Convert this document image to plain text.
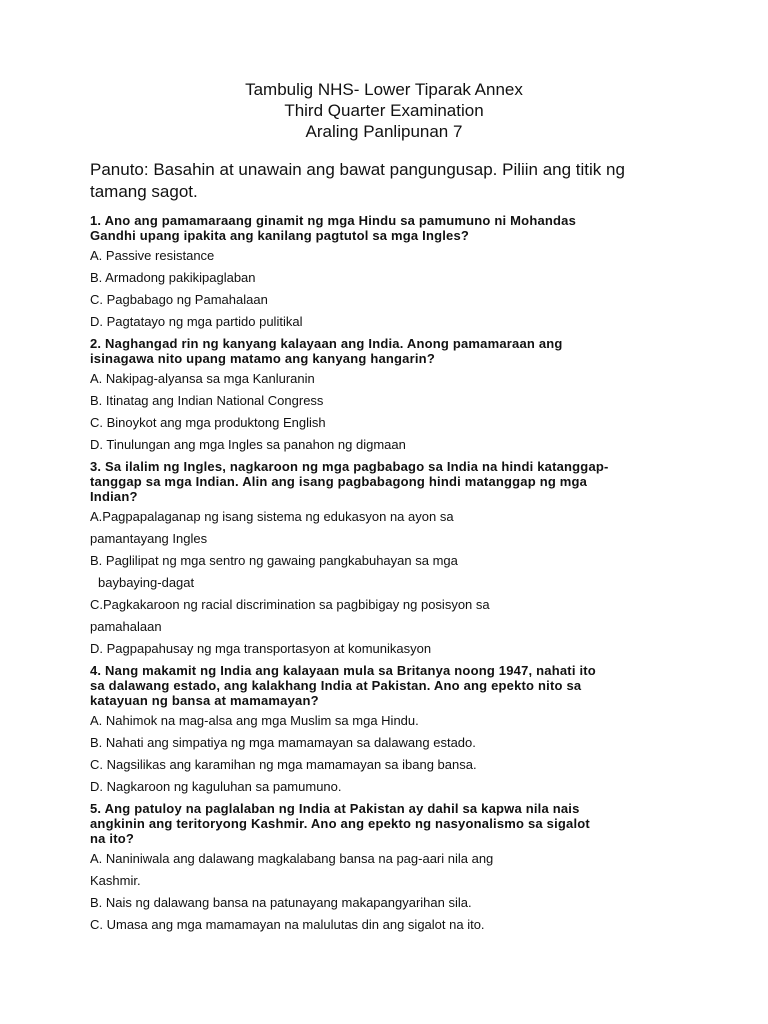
Tambulig NHS- Lower Tiparak Annex
Third Quarter Examination
Araling Panlipunan 7
Panuto: Basahin at unawain ang bawat pangungusap. Piliin ang titik ng tamang sagot.
1. Ano ang pamamaraang ginamit ng mga Hindu sa pamumuno ni Mohandas
Gandhi upang ipakita ang kanilang pagtutol sa mga Ingles?
A. Passive resistance
B. Armadong pakikipaglaban
C. Pagbabago ng Pamahalaan
D. Pagtatayo ng mga partido pulitikal
2. Naghangad rin ng kanyang kalayaan ang India. Anong pamamaraan ang
isinagawa nito upang matamo ang kanyang hangarin?
A. Nakipag-alyansa sa mga Kanluranin
B. Itinatag ang Indian National Congress
C. Binoykot ang mga produktong English
D. Tinulungan ang mga Ingles sa panahon ng digmaan
3. Sa ilalim ng Ingles, nagkaroon ng mga pagbabago sa India na hindi katanggap-
tanggap sa mga Indian. Alin ang isang pagbabagong hindi matanggap ng mga
Indian?
A.Pagpapalaganap ng isang sistema ng edukasyon na ayon sa
pamantayang Ingles
B. Paglilipat ng mga sentro ng gawaing pangkabuhayan sa mga
baybaying-dagat
C.Pagkakaroon ng racial discrimination sa pagbibigay ng posisyon sa
pamahalaan
D. Pagpapahusay ng mga transportasyon at komunikasyon
4. Nang makamit ng India ang kalayaan mula sa Britanya noong 1947, nahati ito
sa dalawang estado, ang kalakhang India at Pakistan. Ano ang epekto nito sa
katayuan ng bansa at mamamayan?
A. Nahimok na mag-alsa ang mga Muslim sa mga Hindu.
B. Nahati ang simpatiya ng mga mamamayan sa dalawang estado.
C. Nagsilikas ang karamihan ng mga mamamayan sa ibang bansa.
D. Nagkaroon ng kaguluhan sa pamumuno.
5. Ang patuloy na paglalaban ng India at Pakistan ay dahil sa kapwa nila nais
angkinin ang teritoryong Kashmir. Ano ang epekto ng nasyonalismo sa sigalot
na ito?
A. Naniniwala ang dalawang magkalabang bansa na pag-aari nila ang
Kashmir.
B. Nais ng dalawang bansa na patunayang makapangyarihan sila.
C. Umasa ang mga mamamayan na malulutas din ang sigalot na ito.
